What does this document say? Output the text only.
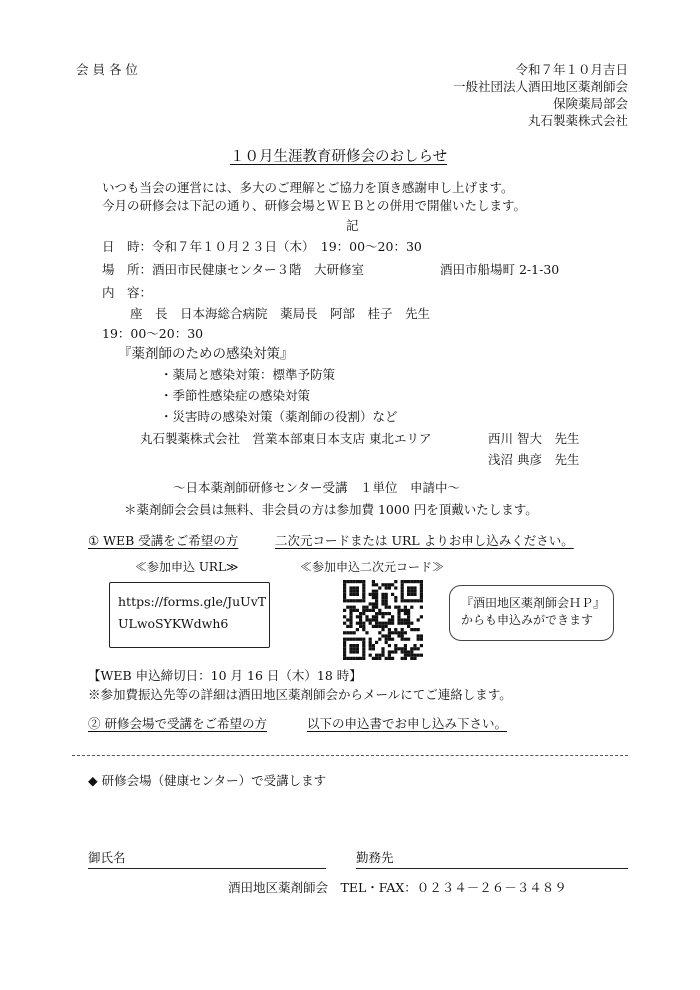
会 員 各 位	令和７年１０月吉日
一般社団法人酒田地区薬剤師会
保険薬局部会
丸石製薬株式会社
１０月生涯教育研修会のおしらせ
いつも当会の運営には、多大のご理解とご協力を頂き感謝申し上げます。
今月の研修会は下記の通り、研修会場とＷＥＢとの併用で開催いたします。
記
日　時：令和７年１０月２３日（木）　19：00～20：30
場　所：酒田市民健康センター３階　大研修室	酒田市船場町 2-1-30
内　容：
座　長　日本海総合病院　薬局長　阿部　桂子　先生
19：00～20：30
『薬剤師のための感染対策』
・薬局と感染対策：標準予防策
・季節性感染症の感染対策
・災害時の感染対策（薬剤師の役割）など
丸石製薬株式会社　営業本部東日本支店 東北エリア	西川 智大　先生
浅沼 典彦　先生
～日本薬剤師研修センター受講　１単位　申請中～
＊薬剤師会会員は無料、非会員の方は参加費 1000 円を頂戴いたします。
① WEB 受講をご希望の方	二次元コードまたは URL よりお申し込みください。
≪参加申込 URL≫	≪参加申込二次元コード≫
https://forms.gle/JuUvT
ULwoSYKWdwh6
『酒田地区薬剤師会ＨＰ』
からも申込みができます
【WEB 申込締切日：10 月 16 日（木）18 時】
※参加費振込先等の詳細は酒田地区薬剤師会からメールにてご連絡します。
② 研修会場で受講をご希望の方	以下の申込書でお申し込み下さい。
◆ 研修会場（健康センター）で受講します
御氏名	勤務先
酒田地区薬剤師会　TEL・FAX：０２３４－２６－３４８９
